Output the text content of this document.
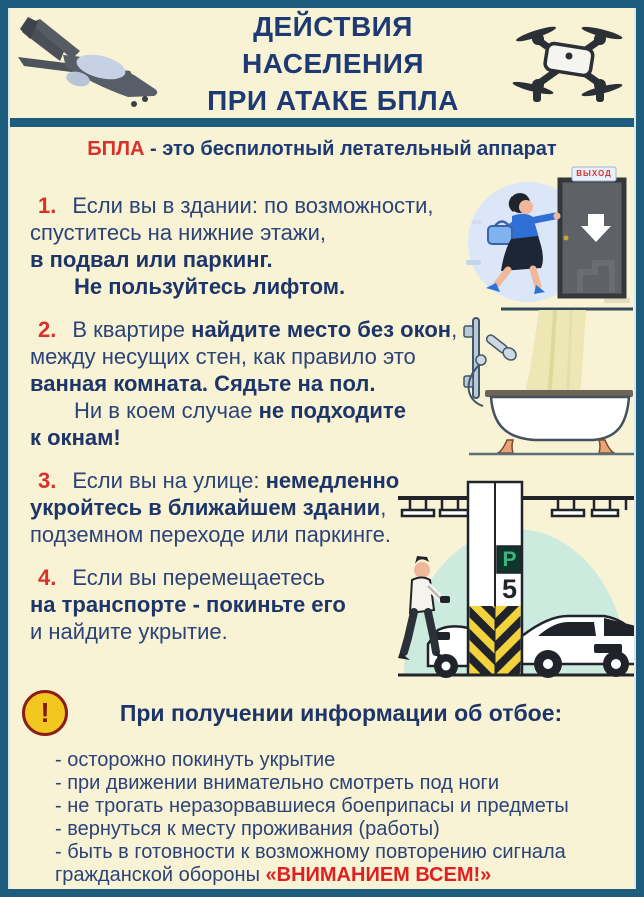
ДЕЙСТВИЯ НАСЕЛЕНИЯ
ПРИ АТАКЕ БПЛА
БПЛА - это беспилотный летательный аппарат
1. Если вы в здании: по возможности,
спуститесь на нижние этажи,
в подвал или паркинг.
Не пользуйтесь лифтом.
2. В квартире найдите место без окон,
между несущих стен, как правило это
ванная комната. Сядьте на пол.
Ни в коем случае не подходите
к окнам!
3. Если вы на улице: немедленно
укройтесь в ближайшем здании,
подземном переходе или паркинге.
4. Если вы перемещаетесь
на транспорте - покиньте его
и найдите укрытие.
ВЫХОД
P
5
!	При получении информации об отбое:
- осторожно покинуть укрытие
- при движении внимательно смотреть под ноги
- не трогать неразорвавшиеся боеприпасы и предметы
- вернуться к месту проживания (работы)
- быть в готовности к возможному повторению сигнала
гражданской обороны «ВНИМАНИЕМ ВСЕМ!»
